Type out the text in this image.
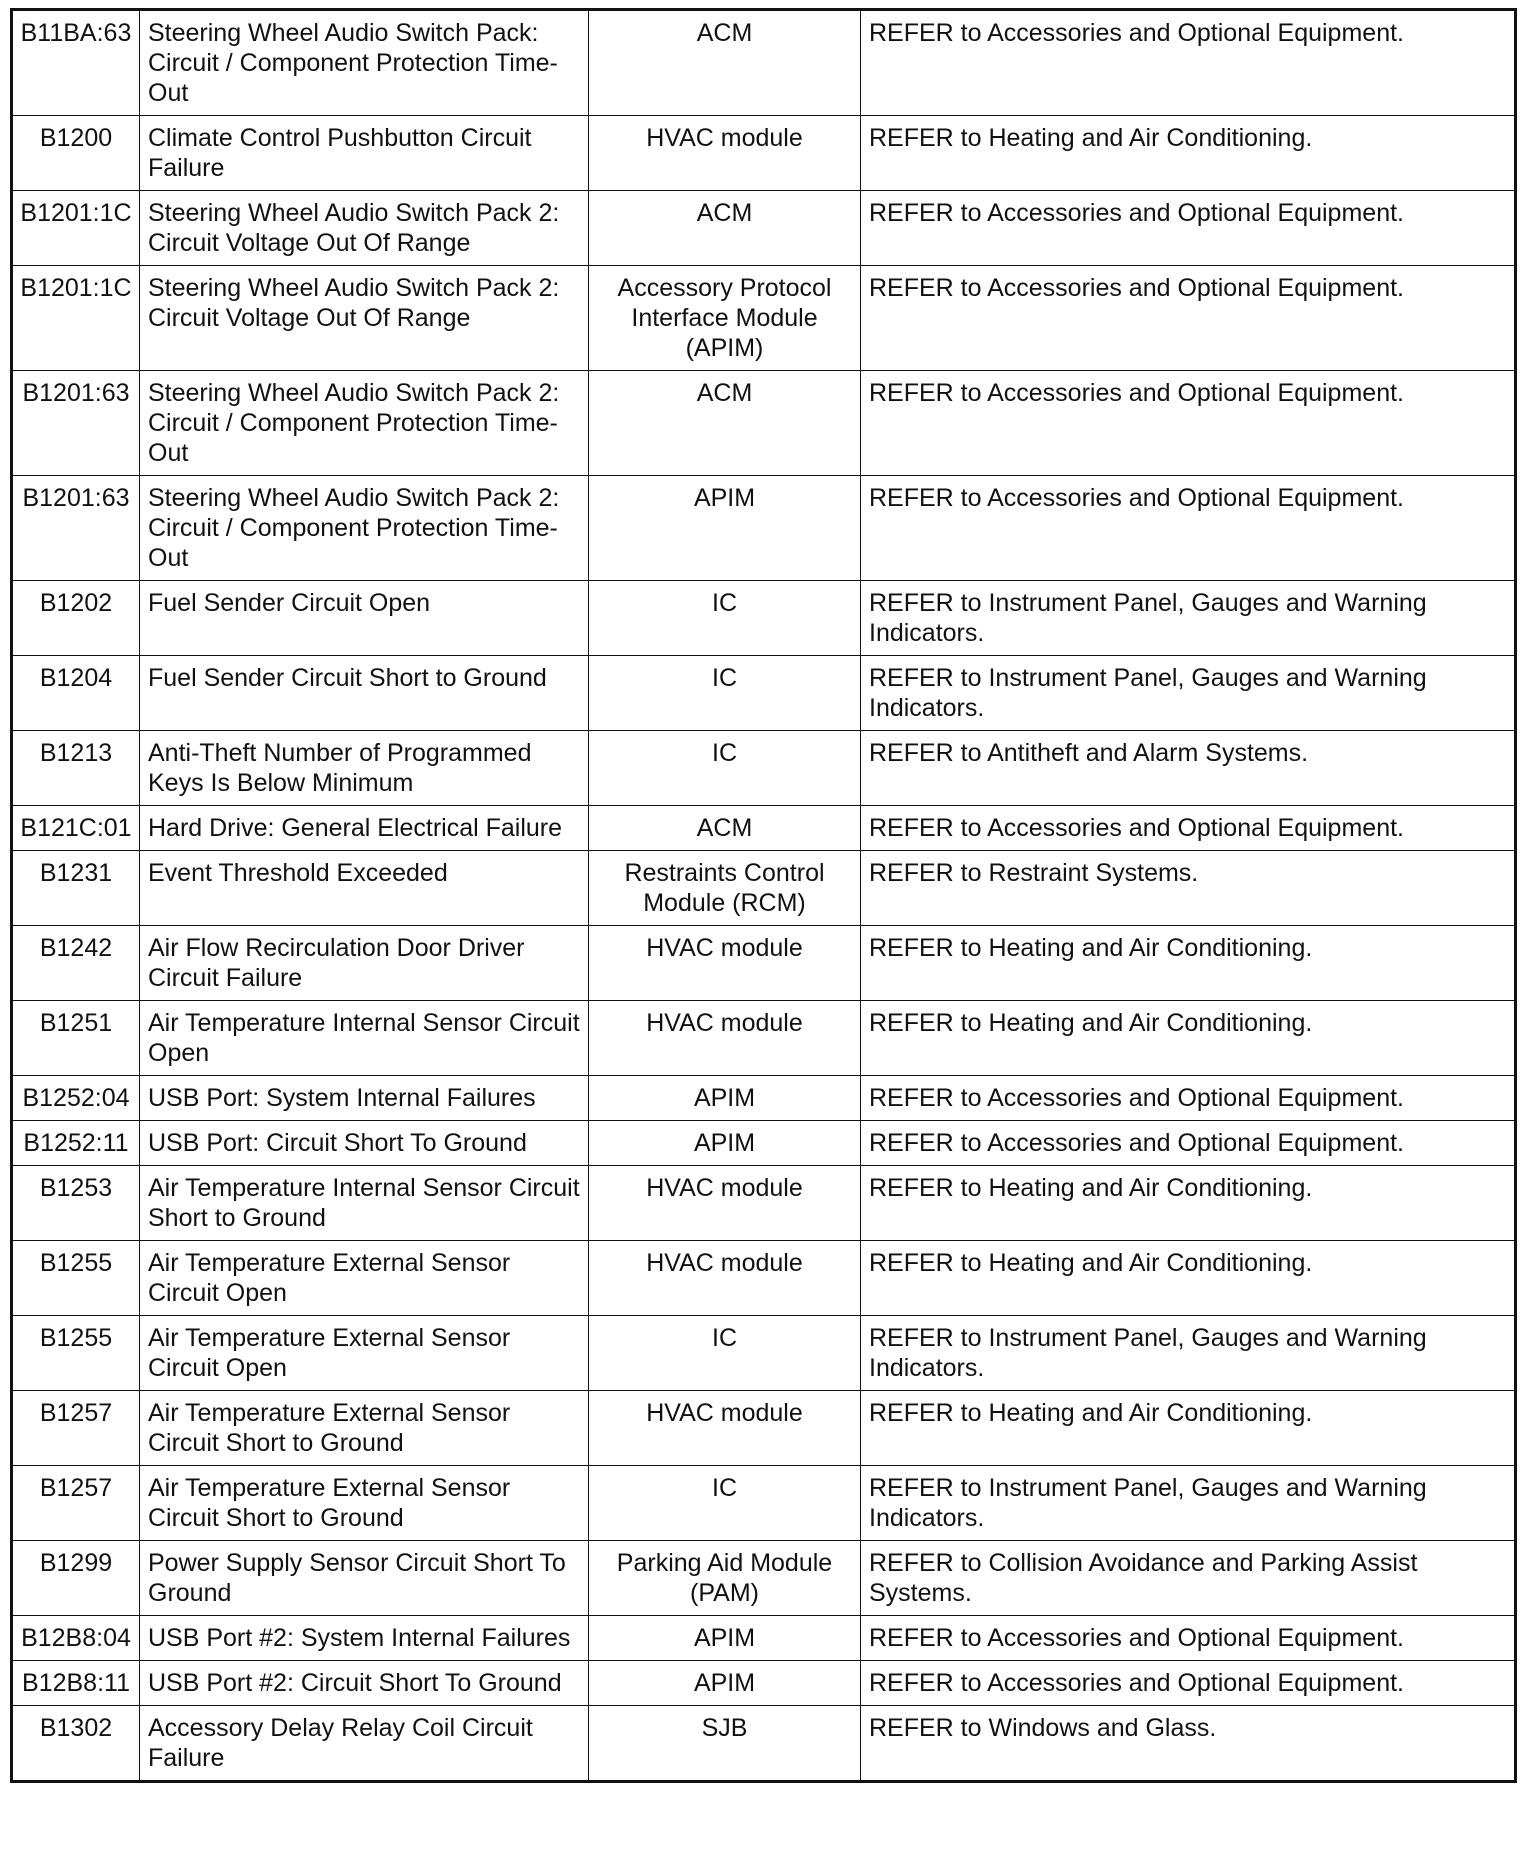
B11BA:63	Steering Wheel Audio Switch Pack: Circuit / Component Protection Time-Out	ACM	REFER to Accessories and Optional Equipment.
B1200	Climate Control Pushbutton Circuit Failure	HVAC module	REFER to Heating and Air Conditioning.
B1201:1C	Steering Wheel Audio Switch Pack 2: Circuit Voltage Out Of Range	ACM	REFER to Accessories and Optional Equipment.
B1201:1C	Steering Wheel Audio Switch Pack 2: Circuit Voltage Out Of Range	Accessory Protocol Interface Module (APIM)	REFER to Accessories and Optional Equipment.
B1201:63	Steering Wheel Audio Switch Pack 2: Circuit / Component Protection Time-Out	ACM	REFER to Accessories and Optional Equipment.
B1201:63	Steering Wheel Audio Switch Pack 2: Circuit / Component Protection Time-Out	APIM	REFER to Accessories and Optional Equipment.
B1202	Fuel Sender Circuit Open	IC	REFER to Instrument Panel, Gauges and Warning Indicators.
B1204	Fuel Sender Circuit Short to Ground	IC	REFER to Instrument Panel, Gauges and Warning Indicators.
B1213	Anti-Theft Number of Programmed Keys Is Below Minimum	IC	REFER to Antitheft and Alarm Systems.
B121C:01	Hard Drive: General Electrical Failure	ACM	REFER to Accessories and Optional Equipment.
B1231	Event Threshold Exceeded	Restraints Control Module (RCM)	REFER to Restraint Systems.
B1242	Air Flow Recirculation Door Driver Circuit Failure	HVAC module	REFER to Heating and Air Conditioning.
B1251	Air Temperature Internal Sensor Circuit Open	HVAC module	REFER to Heating and Air Conditioning.
B1252:04	USB Port: System Internal Failures	APIM	REFER to Accessories and Optional Equipment.
B1252:11	USB Port: Circuit Short To Ground	APIM	REFER to Accessories and Optional Equipment.
B1253	Air Temperature Internal Sensor Circuit Short to Ground	HVAC module	REFER to Heating and Air Conditioning.
B1255	Air Temperature External Sensor Circuit Open	HVAC module	REFER to Heating and Air Conditioning.
B1255	Air Temperature External Sensor Circuit Open	IC	REFER to Instrument Panel, Gauges and Warning Indicators.
B1257	Air Temperature External Sensor Circuit Short to Ground	HVAC module	REFER to Heating and Air Conditioning.
B1257	Air Temperature External Sensor Circuit Short to Ground	IC	REFER to Instrument Panel, Gauges and Warning Indicators.
B1299	Power Supply Sensor Circuit Short To Ground	Parking Aid Module (PAM)	REFER to Collision Avoidance and Parking Assist Systems.
B12B8:04	USB Port #2: System Internal Failures	APIM	REFER to Accessories and Optional Equipment.
B12B8:11	USB Port #2: Circuit Short To Ground	APIM	REFER to Accessories and Optional Equipment.
B1302	Accessory Delay Relay Coil Circuit Failure	SJB	REFER to Windows and Glass.
